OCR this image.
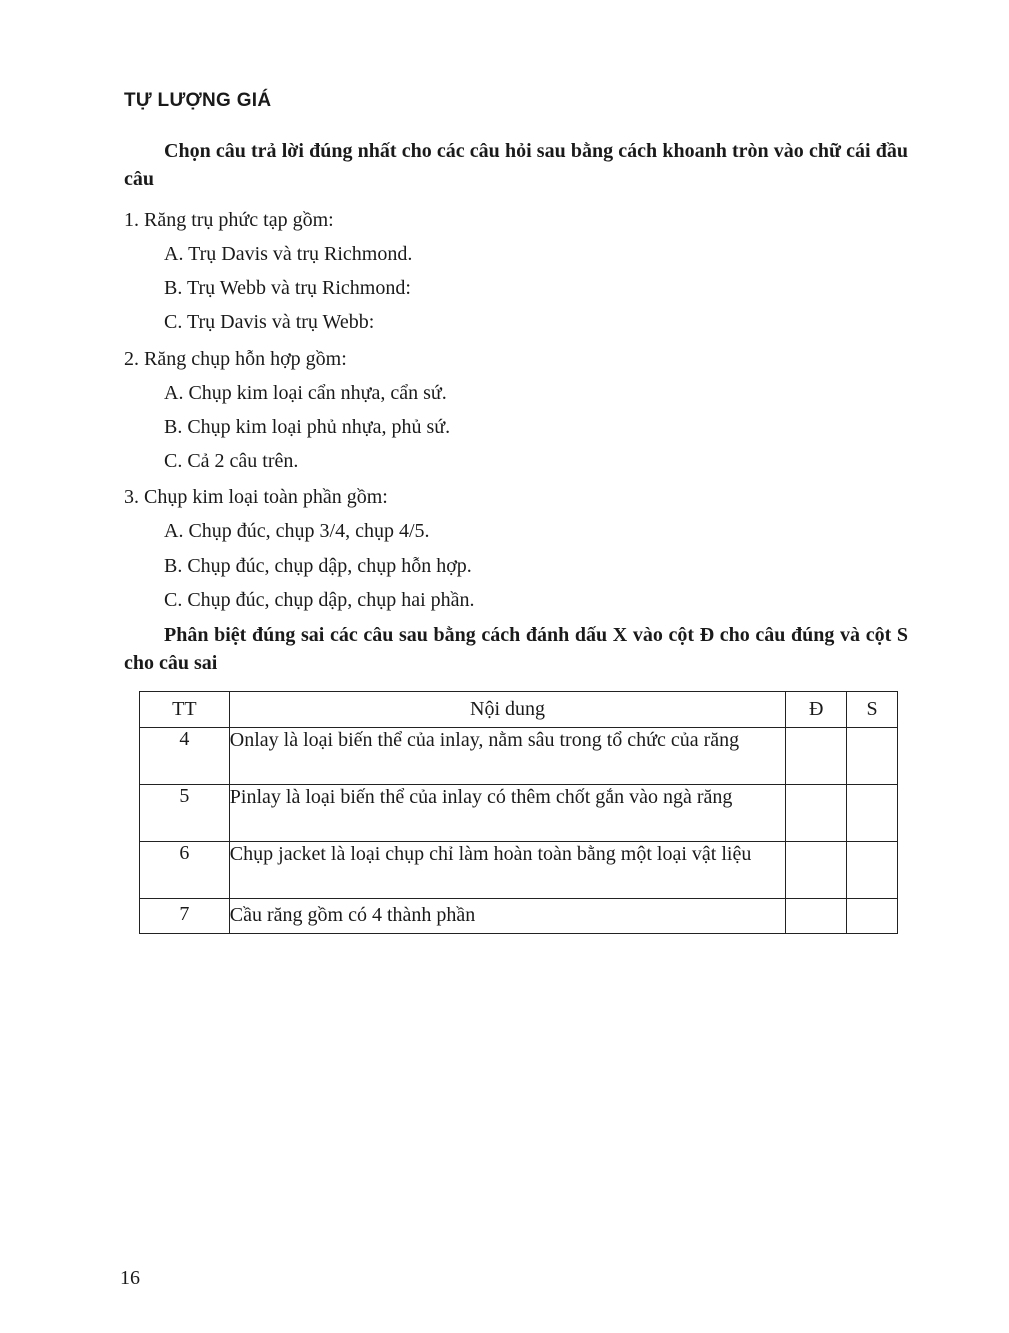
TỰ LƯỢNG GIÁ
Chọn câu trả lời đúng nhất cho các câu hỏi sau bằng cách khoanh tròn vào chữ cái đầu câu
1. Răng trụ phức tạp gồm:
A. Trụ Davis và trụ Richmond.
B. Trụ Webb và trụ Richmond:
C. Trụ Davis và trụ Webb:
2. Răng chụp hỗn hợp gồm:
A. Chụp kim loại cẩn nhựa, cẩn sứ.
B. Chụp kim loại phủ nhựa, phủ sứ.
C. Cả 2 câu trên.
3. Chụp kim loại toàn phần gồm:
A. Chụp đúc, chụp 3/4, chụp 4/5.
B. Chụp đúc, chụp dập, chụp hỗn hợp.
C. Chụp đúc, chụp dập, chụp hai phần.
Phân biệt đúng sai các câu sau bằng cách đánh dấu X vào cột Đ cho câu đúng và cột S cho câu sai
TT	Nội dung	Đ	S
4	Onlay là loại biến thể của inlay, nằm sâu trong tổ chức của răng		
5	Pinlay là loại biến thể của inlay có thêm chốt gắn vào ngà răng		
6	Chụp jacket là loại chụp chỉ làm hoàn toàn bằng một loại vật liệu		
7	Cầu răng gồm có 4 thành phần		
16
